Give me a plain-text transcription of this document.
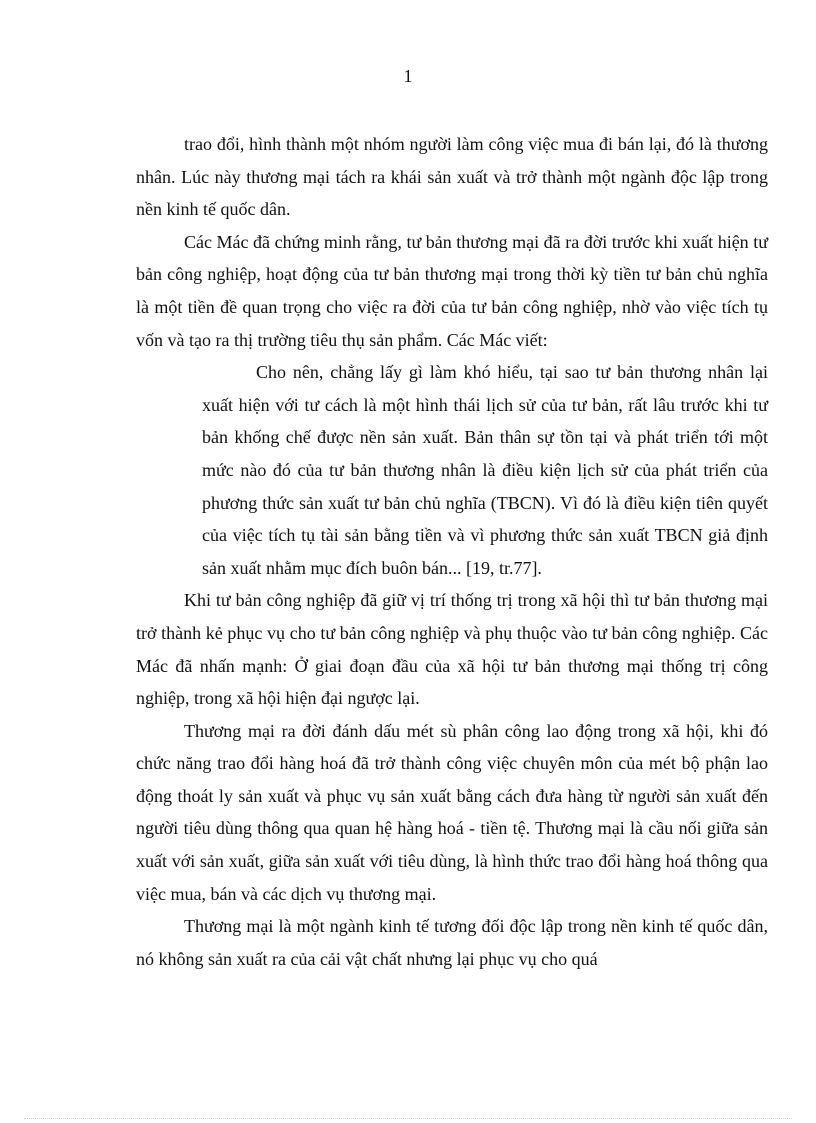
1

trao đổi, hình thành một nhóm người làm công việc mua đi bán lại, đó là thương nhân. Lúc này thương mại tách ra khái sản xuất và trở thành một ngành độc lập trong nền kinh tế quốc dân.

Các Mác đã chứng minh rằng, tư bản thương mại đã ra đời trước khi xuất hiện tư bản công nghiệp, hoạt động của tư bản thương mại trong thời kỳ tiền tư bản chủ nghĩa là một tiền đề quan trọng cho việc ra đời của tư bản công nghiệp, nhờ vào việc tích tụ vốn và tạo ra thị trường tiêu thụ sản phẩm. Các Mác viết:

Cho nên, chẳng lấy gì làm khó hiểu, tại sao tư bản thương nhân lại xuất hiện với tư cách là một hình thái lịch sử của tư bản, rất lâu trước khi tư bản khống chế được nền sản xuất. Bản thân sự tồn tại và phát triển tới một mức nào đó của tư bản thương nhân là điều kiện lịch sử của phát triển của phương thức sản xuất tư bản chủ nghĩa (TBCN). Vì đó là điều kiện tiên quyết của việc tích tụ tài sản bằng tiền và vì phương thức sản xuất TBCN giả định sản xuất nhằm mục đích buôn bán... [19, tr.77].

Khi tư bản công nghiệp đã giữ vị trí thống trị trong xã hội thì tư bản thương mại trở thành kẻ phục vụ cho tư bản công nghiệp và phụ thuộc vào tư bản công nghiệp. Các Mác đã nhấn mạnh: Ở giai đoạn đầu của xã hội tư bản thương mại thống trị công nghiệp, trong xã hội hiện đại ngược lại.

Thương mại ra đời đánh dấu mét sù phân công lao động trong xã hội, khi đó chức năng trao đổi hàng hoá đã trở thành công việc chuyên môn của mét bộ phận lao động thoát ly sản xuất và phục vụ sản xuất bằng cách đưa hàng từ người sản xuất đến người tiêu dùng thông qua quan hệ hàng hoá - tiền tệ. Thương mại là cầu nối giữa sản xuất với sản xuất, giữa sản xuất với tiêu dùng, là hình thức trao đổi hàng hoá thông qua việc mua, bán và các dịch vụ thương mại.

Thương mại là một ngành kinh tế tương đối độc lập trong nền kinh tế quốc dân, nó không sản xuất ra của cải vật chất nhưng lại phục vụ cho quá
